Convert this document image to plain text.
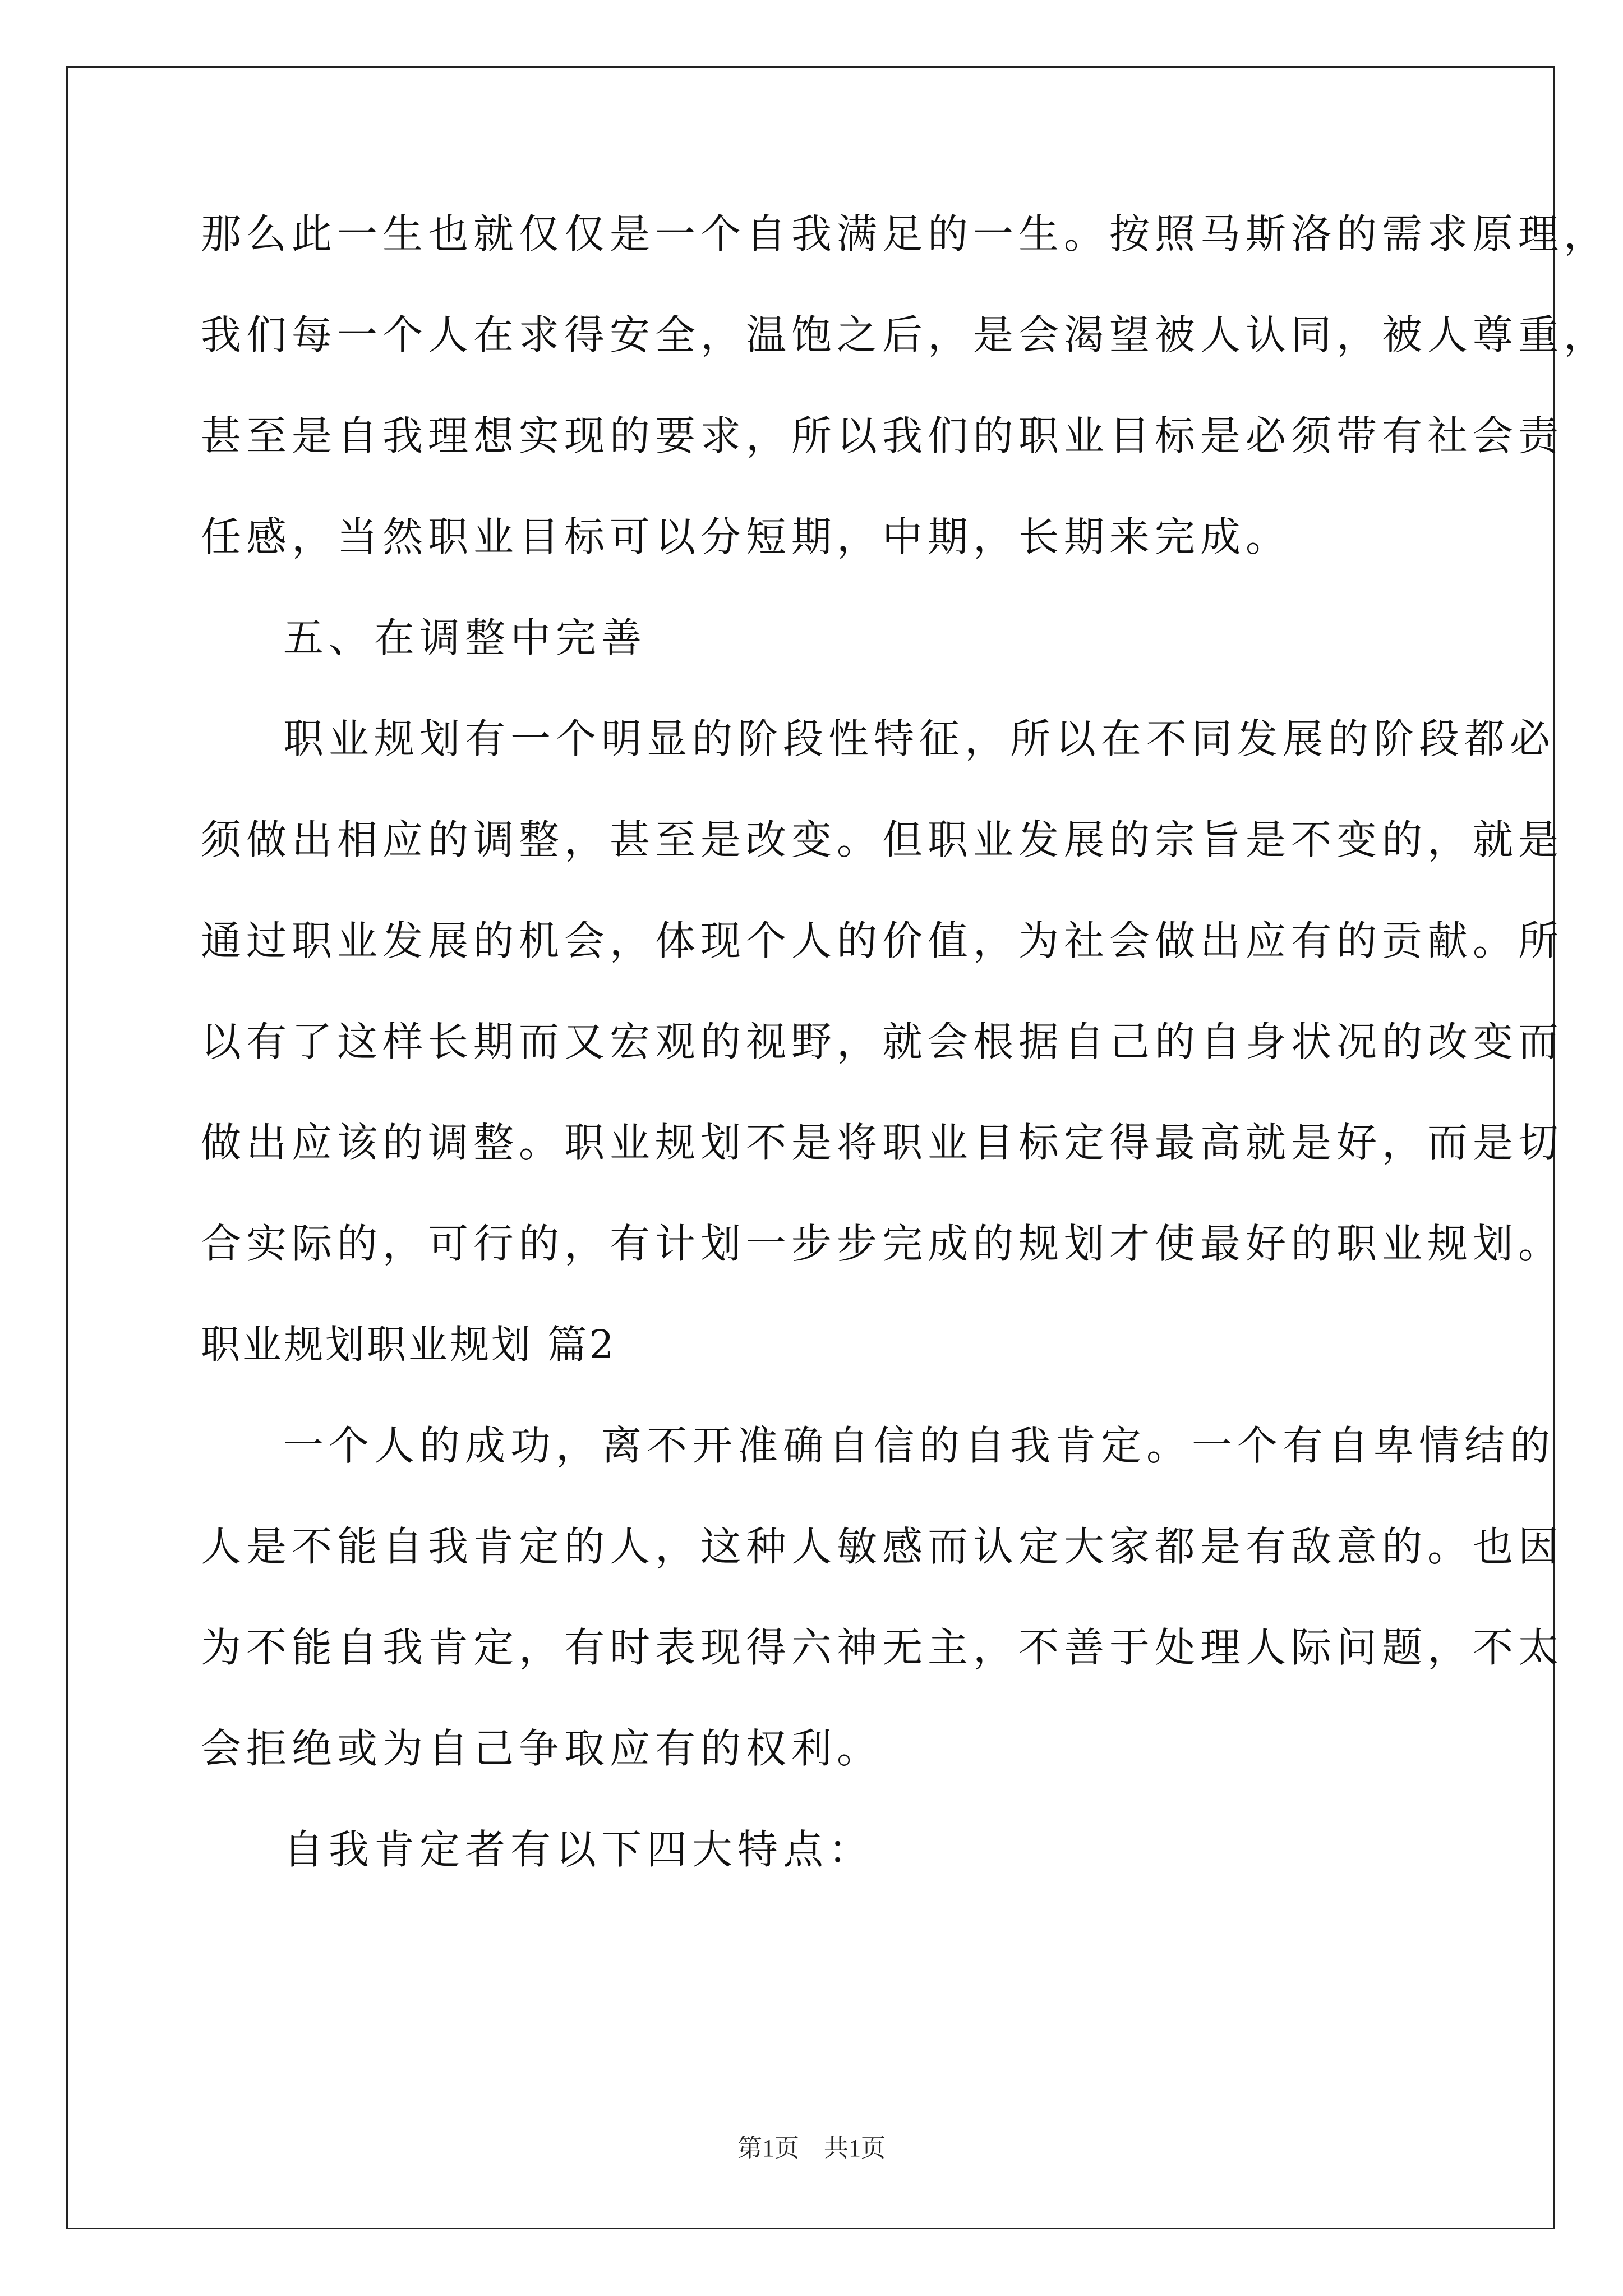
那么此一生也就仅仅是一个自我满足的一生。按照马斯洛的需求原理，
我们每一个人在求得安全，温饱之后，是会渴望被人认同，被人尊重，
甚至是自我理想实现的要求，所以我们的职业目标是必须带有社会责
任感，当然职业目标可以分短期，中期，长期来完成。
五、在调整中完善
职业规划有一个明显的阶段性特征，所以在不同发展的阶段都必
须做出相应的调整，甚至是改变。但职业发展的宗旨是不变的，就是
通过职业发展的机会，体现个人的价值，为社会做出应有的贡献。所
以有了这样长期而又宏观的视野，就会根据自己的自身状况的改变而
做出应该的调整。职业规划不是将职业目标定得最高就是好，而是切
合实际的，可行的，有计划一步步完成的规划才使最好的职业规划。
职业规划职业规划 篇2
一个人的成功，离不开准确自信的自我肯定。一个有自卑情结的
人是不能自我肯定的人，这种人敏感而认定大家都是有敌意的。也因
为不能自我肯定，有时表现得六神无主，不善于处理人际问题，不太
会拒绝或为自己争取应有的权利。
自我肯定者有以下四大特点：
第1页　共1页
